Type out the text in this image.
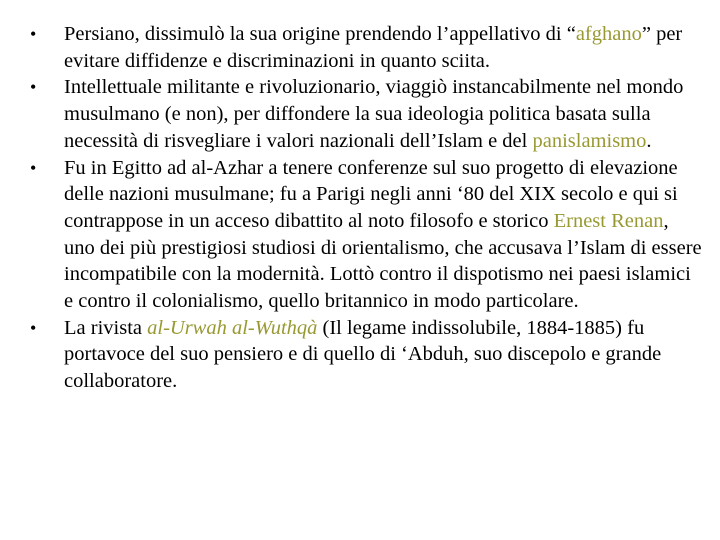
• Persiano, dissimulò la sua origine prendendo l’appellativo di “afghano” per evitare diffidenze e discriminazioni in quanto sciita.
• Intellettuale militante e rivoluzionario, viaggiò instancabilmente nel mondo musulmano (e non), per diffondere la sua ideologia politica basata sulla necessità di risvegliare i valori nazionali dell’Islam e del panislamismo.
• Fu in Egitto ad al-Azhar a tenere conferenze sul suo progetto di elevazione delle nazioni musulmane; fu a Parigi negli anni ‘80 del XIX secolo e qui si contrappose in un acceso dibattito al noto filosofo e storico Ernest Renan, uno dei più prestigiosi studiosi di orientalismo, che accusava l’Islam di essere incompatibile con la modernità. Lottò contro il dispotismo nei paesi islamici e contro il colonialismo, quello britannico in modo particolare.
• La rivista al-Urwah al-Wuthqà (Il legame indissolubile, 1884-1885) fu portavoce del suo pensiero e di quello di ‘Abduh, suo discepolo e grande collaboratore.
